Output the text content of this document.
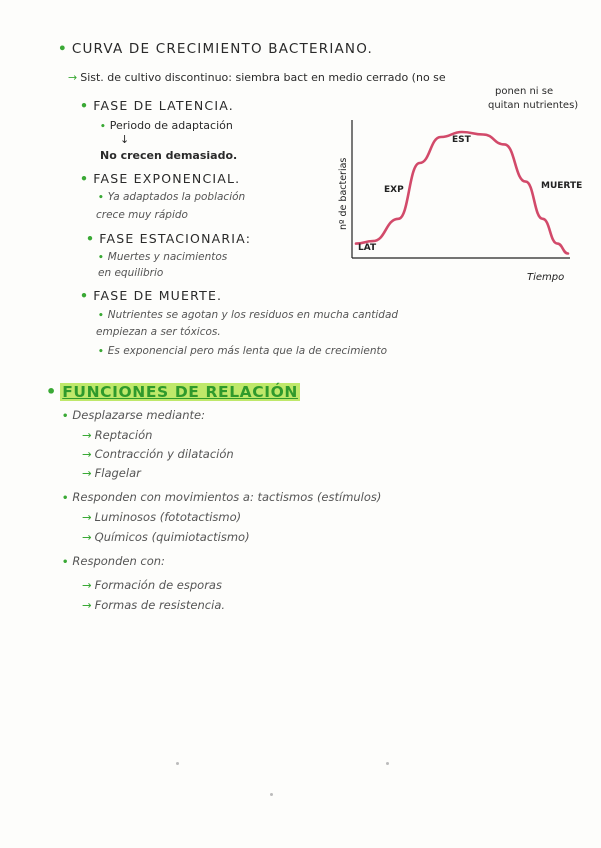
• CURVA DE CRECIMIENTO BACTERIANO.
→ Sist. de cultivo discontinuo: siembra bact en medio cerrado (no se
ponen ni se
quitan nutrientes)
• FASE DE LATENCIA.
• Periodo de adaptación
↓
No crecen demasiado.
• FASE EXPONENCIAL.
• Ya adaptados la población
crece muy rápido
• FASE ESTACIONARIA:
• Muertes y nacimientos
en equilibrio
• FASE DE MUERTE.
• Nutrientes se agotan y los residuos en mucha cantidad
empiezan a ser tóxicos.
• Es exponencial pero más lenta que la de crecimiento
nº de bacterias
Tiempo
LAT
EXP
EST
MUERTE
• FUNCIONES DE RELACIÓN
• Desplazarse mediante:
→ Reptación
→ Contracción y dilatación
→ Flagelar
• Responden con movimientos a: tactismos (estímulos)
→ Luminosos (fototactismo)
→ Químicos (quimiotactismo)
• Responden con:
→ Formación de esporas
→ Formas de resistencia.
